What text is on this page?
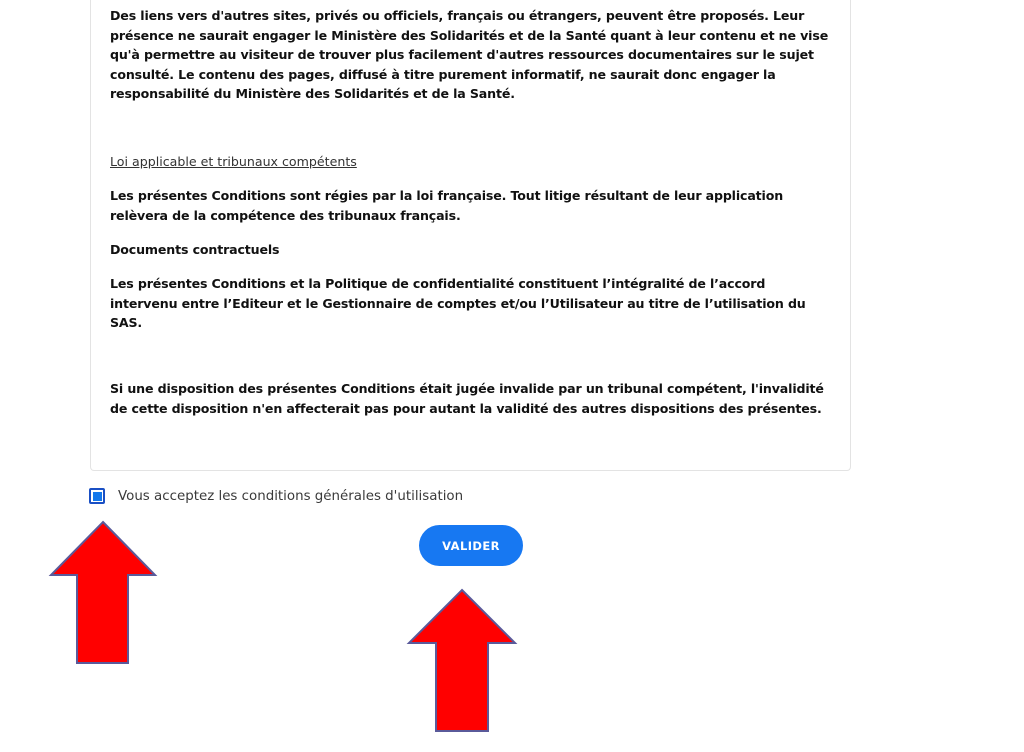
Des liens vers d'autres sites, privés ou officiels, français ou étrangers, peuvent être proposés. Leur présence ne saurait engager le Ministère des Solidarités et de la Santé quant à leur contenu et ne vise qu'à permettre au visiteur de trouver plus facilement d'autres ressources documentaires sur le sujet consulté. Le contenu des pages, diffusé à titre purement informatif, ne saurait donc engager la responsabilité du Ministère des Solidarités et de la Santé.

Loi applicable et tribunaux compétents

Les présentes Conditions sont régies par la loi française. Tout litige résultant de leur application relèvera de la compétence des tribunaux français.

Documents contractuels

Les présentes Conditions et la Politique de confidentialité constituent l’intégralité de l’accord intervenu entre l’Editeur et le Gestionnaire de comptes et/ou l’Utilisateur au titre de l’utilisation du SAS.

Si une disposition des présentes Conditions était jugée invalide par un tribunal compétent, l'invalidité de cette disposition n'en affecterait pas pour autant la validité des autres dispositions des présentes.

Vous acceptez les conditions générales d'utilisation
VALIDER
